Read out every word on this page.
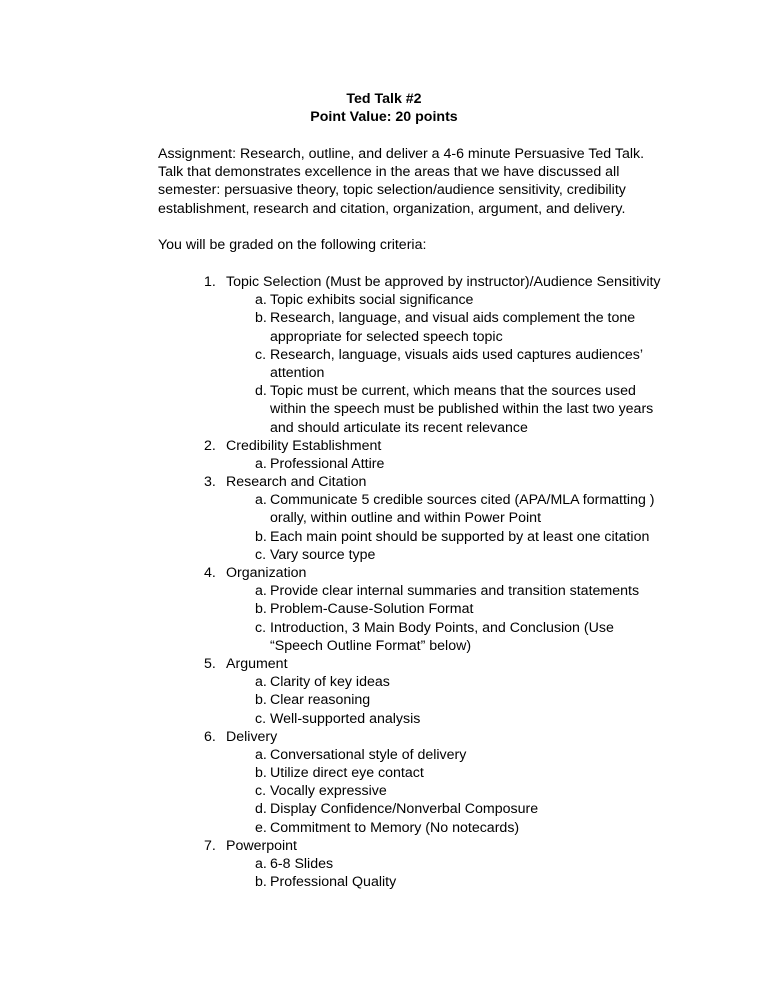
Ted Talk #2
Point Value: 20 points
Assignment: Research, outline, and deliver a 4-6 minute Persuasive Ted Talk.
Talk that demonstrates excellence in the areas that we have discussed all
semester: persuasive theory, topic selection/audience sensitivity, credibility
establishment, research and citation, organization, argument, and delivery.
You will be graded on the following criteria:
1. Topic Selection (Must be approved by instructor)/Audience Sensitivity
a. Topic exhibits social significance
b. Research, language, and visual aids complement the tone
appropriate for selected speech topic
c. Research, language, visuals aids used captures audiences’
attention
d. Topic must be current, which means that the sources used
within the speech must be published within the last two years
and should articulate its recent relevance
2. Credibility Establishment
a. Professional Attire
3. Research and Citation
a. Communicate 5 credible sources cited (APA/MLA formatting )
orally, within outline and within Power Point
b. Each main point should be supported by at least one citation
c. Vary source type
4. Organization
a. Provide clear internal summaries and transition statements
b. Problem-Cause-Solution Format
c. Introduction, 3 Main Body Points, and Conclusion (Use
“Speech Outline Format” below)
5. Argument
a. Clarity of key ideas
b. Clear reasoning
c. Well-supported analysis
6. Delivery
a. Conversational style of delivery
b. Utilize direct eye contact
c. Vocally expressive
d. Display Confidence/Nonverbal Composure
e. Commitment to Memory (No notecards)
7. Powerpoint
a. 6-8 Slides
b. Professional Quality
